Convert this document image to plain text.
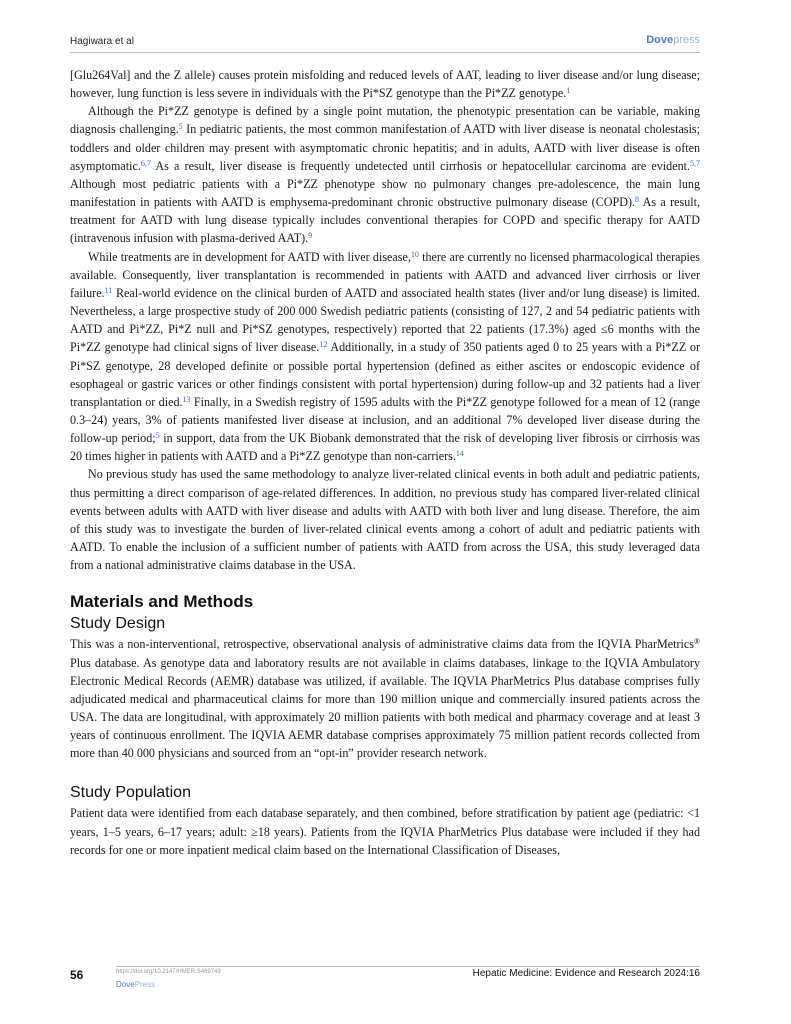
Hagiwara et al	Dovepress

[Glu264Val] and the Z allele) causes protein misfolding and reduced levels of AAT, leading to liver disease and/or lung disease; however, lung function is less severe in individuals with the Pi*SZ genotype than the Pi*ZZ genotype.$^1$

Although the Pi*ZZ genotype is defined by a single point mutation, the phenotypic presentation can be variable, making diagnosis challenging.$^5$ In pediatric patients, the most common manifestation of AATD with liver disease is neonatal cholestasis; toddlers and older children may present with asymptomatic chronic hepatitis; and in adults, AATD with liver disease is often asymptomatic.$^{6,7}$ As a result, liver disease is frequently undetected until cirrhosis or hepatocellular carcinoma are evident.$^{5,7}$ Although most pediatric patients with a Pi*ZZ phenotype show no pulmonary changes pre-adolescence, the main lung manifestation in patients with AATD is emphysema-predominant chronic obstructive pulmonary disease (COPD).$^8$ As a result, treatment for AATD with lung disease typically includes conventional therapies for COPD and specific therapy for AATD (intravenous infusion with plasma-derived AAT).$^9$

While treatments are in development for AATD with liver disease,$^{10}$ there are currently no licensed pharmacological therapies available. Consequently, liver transplantation is recommended in patients with AATD and advanced liver cirrhosis or liver failure.$^{11}$ Real-world evidence on the clinical burden of AATD and associated health states (liver and/or lung disease) is limited. Nevertheless, a large prospective study of 200 000 Swedish pediatric patients (consisting of 127, 2 and 54 pediatric patients with AATD and Pi*ZZ, Pi*Z null and Pi*SZ genotypes, respectively) reported that 22 patients (17.3%) aged ≤6 months with the Pi*ZZ genotype had clinical signs of liver disease.$^{12}$ Additionally, in a study of 350 patients aged 0 to 25 years with a Pi*ZZ or Pi*SZ genotype, 28 developed definite or possible portal hypertension (defined as either ascites or endoscopic evidence of esophageal or gastric varices or other findings consistent with portal hypertension) during follow-up and 32 patients had a liver transplantation or died.$^{13}$ Finally, in a Swedish registry of 1595 adults with the Pi*ZZ genotype followed for a mean of 12 (range 0.3–24) years, 3% of patients manifested liver disease at inclusion, and an additional 7% developed liver disease during the follow-up period;$^5$ in support, data from the UK Biobank demonstrated that the risk of developing liver fibrosis or cirrhosis was 20 times higher in patients with AATD and a Pi*ZZ genotype than non-carriers.$^{14}$

No previous study has used the same methodology to analyze liver-related clinical events in both adult and pediatric patients, thus permitting a direct comparison of age-related differences. In addition, no previous study has compared liver-related clinical events between adults with AATD with liver disease and adults with AATD with both liver and lung disease. Therefore, the aim of this study was to investigate the burden of liver-related clinical events among a cohort of adult and pediatric patients with AATD. To enable the inclusion of a sufficient number of patients with AATD from across the USA, this study leveraged data from a national administrative claims database in the USA.

Materials and Methods
Study Design

This was a non-interventional, retrospective, observational analysis of administrative claims data from the IQVIA PharMetrics® Plus database. As genotype data and laboratory results are not available in claims databases, linkage to the IQVIA Ambulatory Electronic Medical Records (AEMR) database was utilized, if available. The IQVIA PharMetrics Plus database comprises fully adjudicated medical and pharmaceutical claims for more than 190 million unique and commercially insured patients across the USA. The data are longitudinal, with approximately 20 million patients with both medical and pharmacy coverage and at least 3 years of continuous enrollment. The IQVIA AEMR database comprises approximately 75 million patient records collected from more than 40 000 physicians and sourced from an “opt-in” provider research network.

Study Population

Patient data were identified from each database separately, and then combined, before stratification by patient age (pediatric: <1 years, 1–5 years, 6–17 years; adult: ≥18 years). Patients from the IQVIA PharMetrics Plus database were included if they had records for one or more inpatient medical claim based on the International Classification of Diseases,

56	https://doi.org/10.2147/HMER.S469749
DovePress
Hepatic Medicine: Evidence and Research 2024:16
